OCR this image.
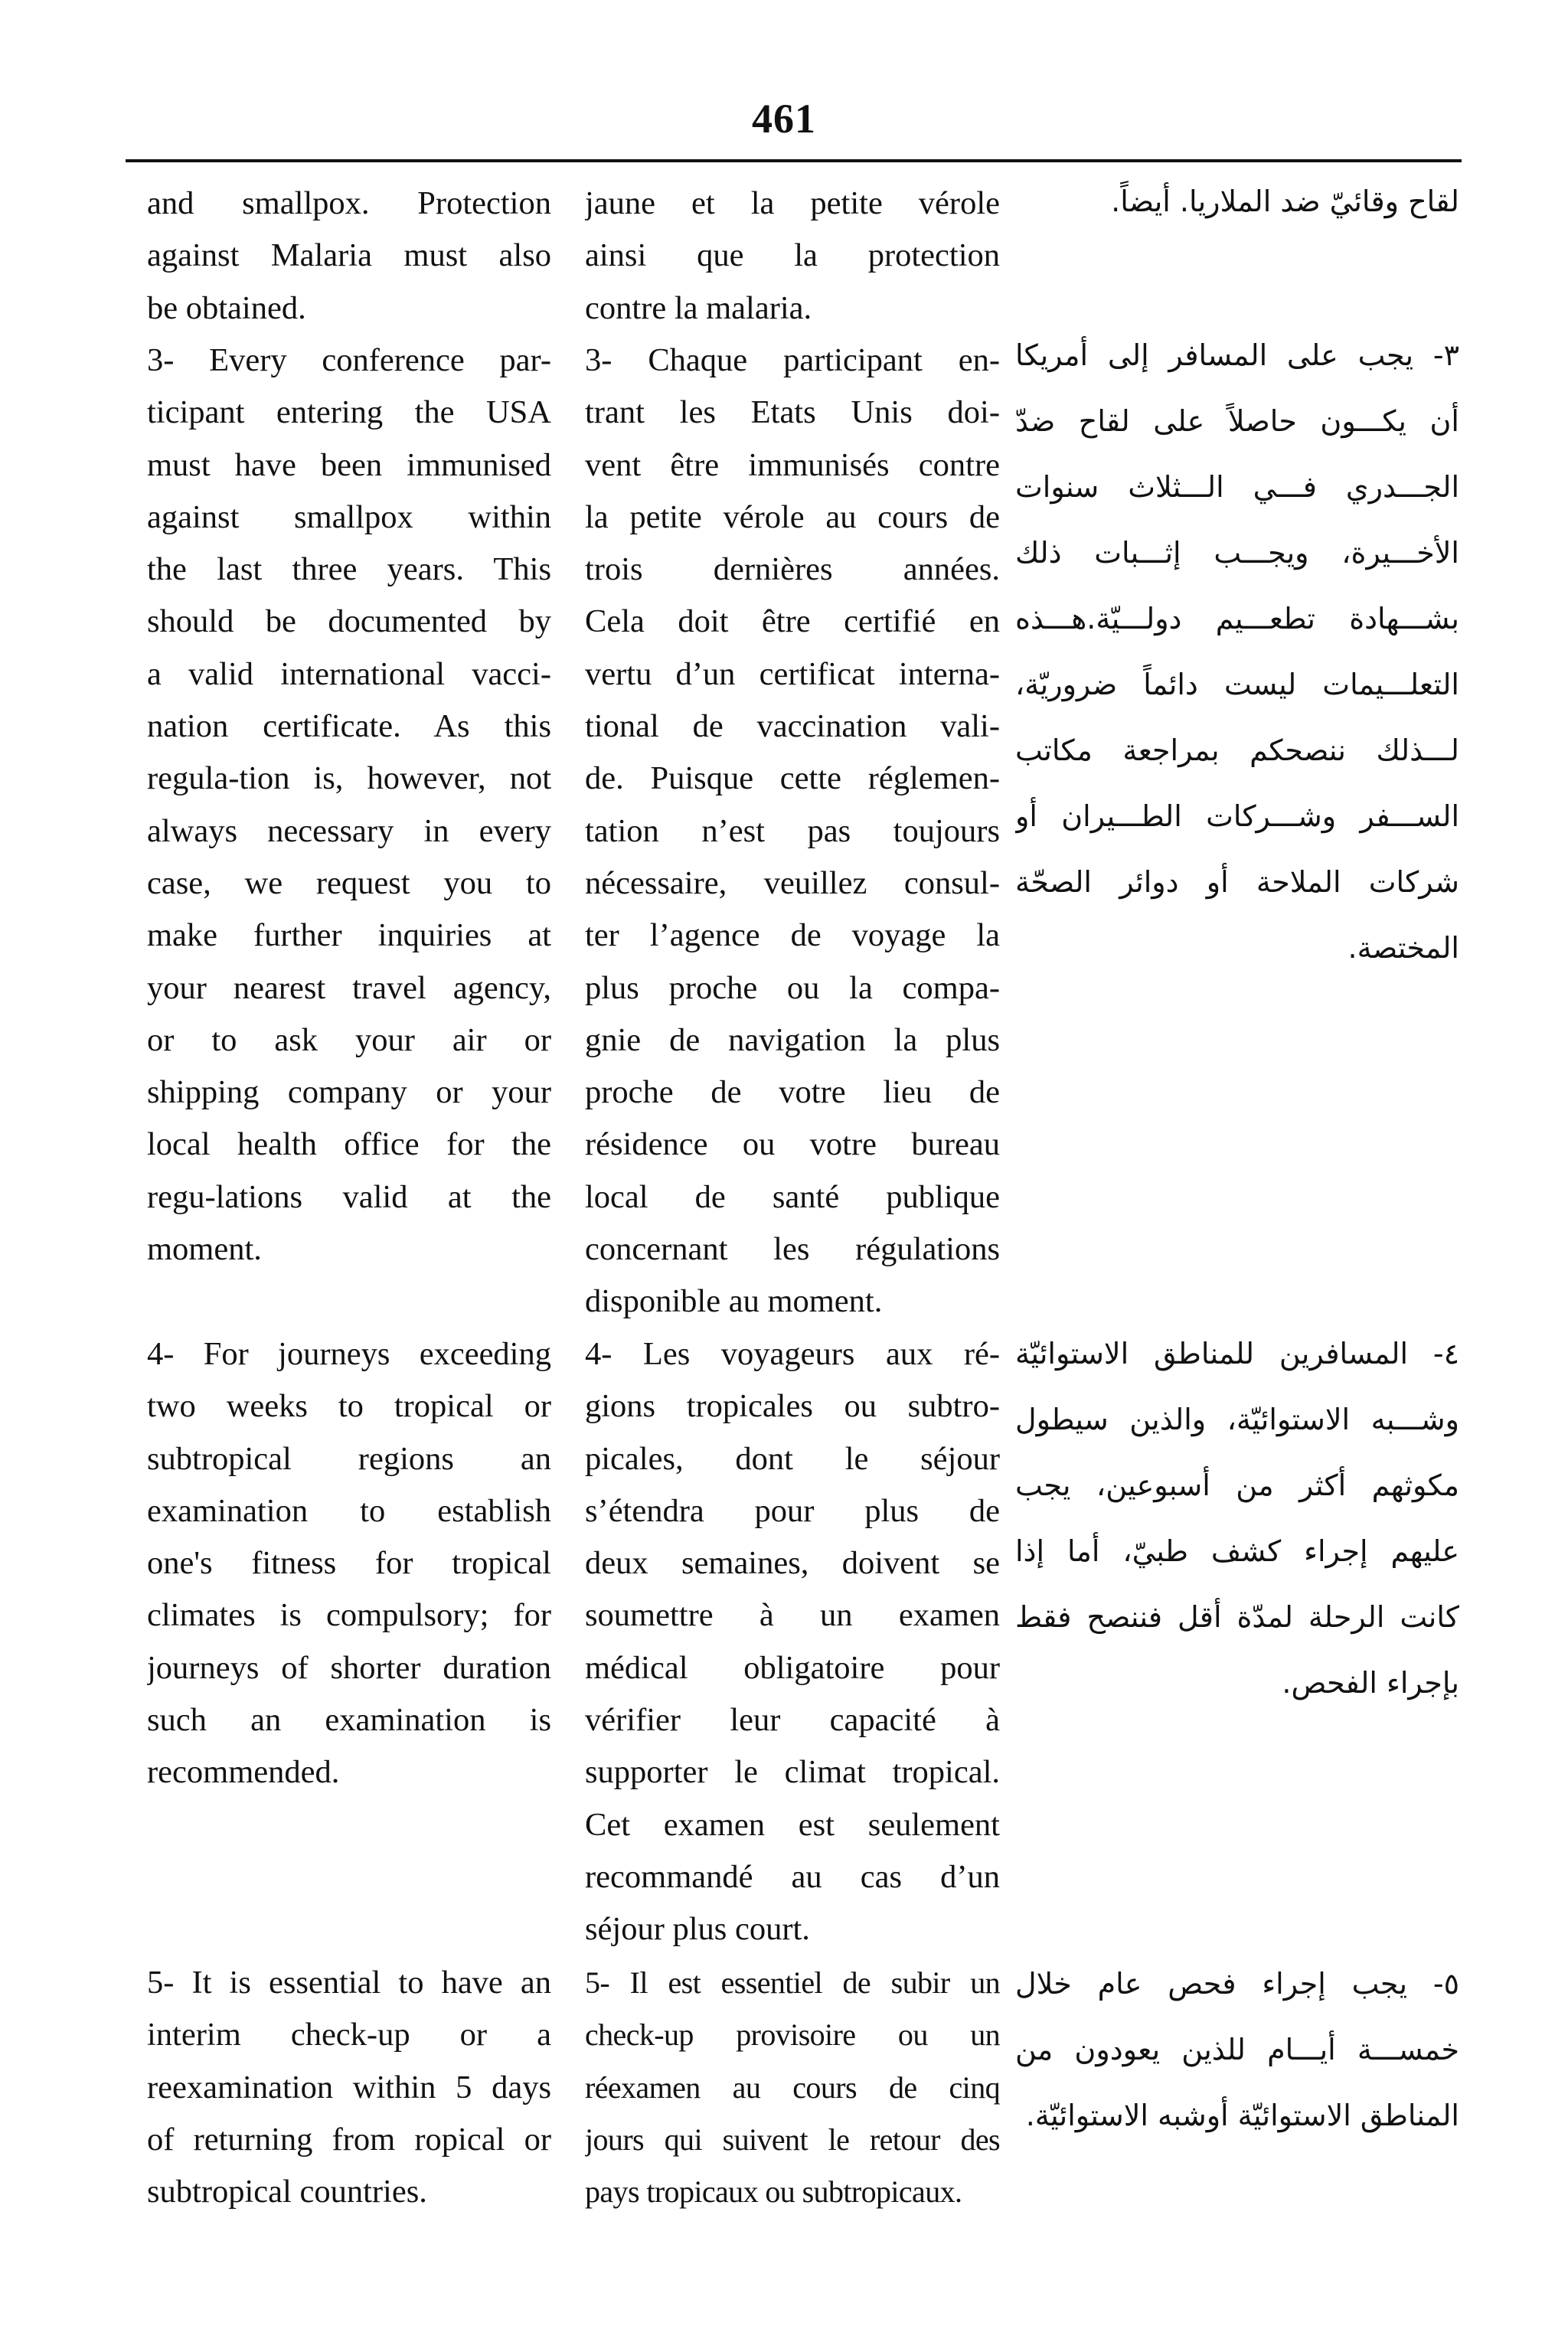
461
and smallpox. Protection
against Malaria must also
be obtained.
jaune et la petite vérole
ainsi que la protection
contre la malaria.
لقاح وقائيّ ضد الملاريا. أيضاً.
3- Every conference par-
ticipant entering the USA
must have been immunised
against smallpox within
the last three years. This
should be documented by
a valid international vacci-
nation certificate. As this
regula-tion is, however, not
always necessary in every
case, we request you to
make further inquiries at
your nearest travel agency,
or to ask your air or
shipping company or your
local health office for the
regu-lations valid at the
moment.
3- Chaque participant en-
trant les Etats Unis doi-
vent être immunisés contre
la petite vérole au cours de
trois dernières années.
Cela doit être certifié en
vertu d’un certificat interna-
tional de vaccination vali-
de. Puisque cette réglemen-
tation n’est pas toujours
nécessaire, veuillez consul-
ter l’agence de voyage la
plus proche ou la compa-
gnie de navigation la plus
proche de votre lieu de
résidence ou votre bureau
local de santé publique
concernant les régulations
disponible au moment.
٣- يجب على المسافر إلى أمريكا
أن يكـــون حاصلاً على لقاح ضدّ
الجـــدري فـــي الـــثلاث سنوات
الأخـــيرة، ويجـــب إثـــبات ذلك
بشـــهادة تطعـــيم دولـــيّة.هـــذه
التعلـــيمات ليست دائماً ضروريّة،
لـــذلك ننصحكم بمراجعة مكاتب
الســـفر وشـــركات الطـــيران أو
شركات الملاحة أو دوائر الصحّة
المختصة.
4- For journeys exceeding
two weeks to tropical or
subtropical regions an
examination to establish
one's fitness for tropical
climates is compulsory; for
journeys of shorter duration
such an examination is
recommended.
4- Les voyageurs aux ré-
gions tropicales ou subtro-
picales, dont le séjour
s’étendra pour plus de
deux semaines, doivent se
soumettre à un examen
médical obligatoire pour
vérifier leur capacité à
supporter le climat tropical.
Cet examen est seulement
recommandé au cas d’un
séjour plus court.
٤- المسافرين للمناطق الاستوائيّة
وشـــبه الاستوائيّة، والذين سيطول
مكوثهم أكثر من أسبوعين، يجب
عليهم إجراء كشف طبيّ، أما إذا
كانت الرحلة لمدّة أقل فننصح فقط
بإجراء الفحص.
5- It is essential to have an
interim check-up or a
reexamination within 5 days
of returning from ropical or
subtropical countries.
5- Il est essentiel de subir un
check-up provisoire ou un
réexamen au cours de cinq
jours qui suivent le retour des
pays tropicaux ou subtropicaux.
٥- يجب إجراء فحص عام خلال
خمســـة أيـــام للذين يعودون من
المناطق الاستوائيّة أوشبه الاستوائيّة.
